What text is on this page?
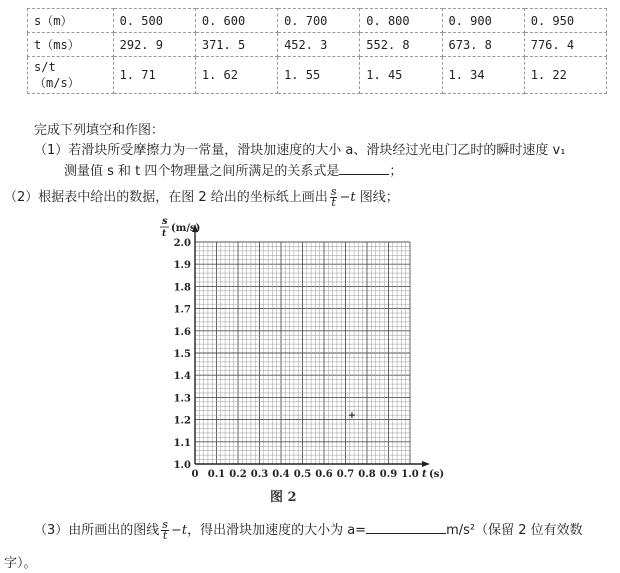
s（m）	0. 500	0. 600	0. 700	0. 800	0. 900	0. 950
t（ms）	292. 9	371. 5	452. 3	552. 8	673. 8	776. 4

s/t
（m/s）	1. 71	1. 62	1. 55	1. 45	1. 34	1. 22
完成下列填空和作图：
（1）若滑块所受摩擦力为一常量，滑块加速度的大小 a、滑块经过光电门乙时的瞬时速度 v₁
测量值 s 和 t 四个物理量之间所满足的关系式是	；
（2）根据表中给出的数据，在图 2 给出的坐标纸上画出 $\frac{s}{t} -t$ 图线；
1.0
1.1
1.2
1.3
1.4
1.5
1.6
1.7
1.8
1.9
2.0
0 0.1 0.2 0.3 0.4 0.5 0.6 0.7 0.8 0.9 1.0
s
t (m/s)
t (s)
图 2
（3）由所画出的图线 $\frac{s}{t} -t$，得出滑块加速度的大小为 a=	m/s²（保留 2 位有效数
字）。
